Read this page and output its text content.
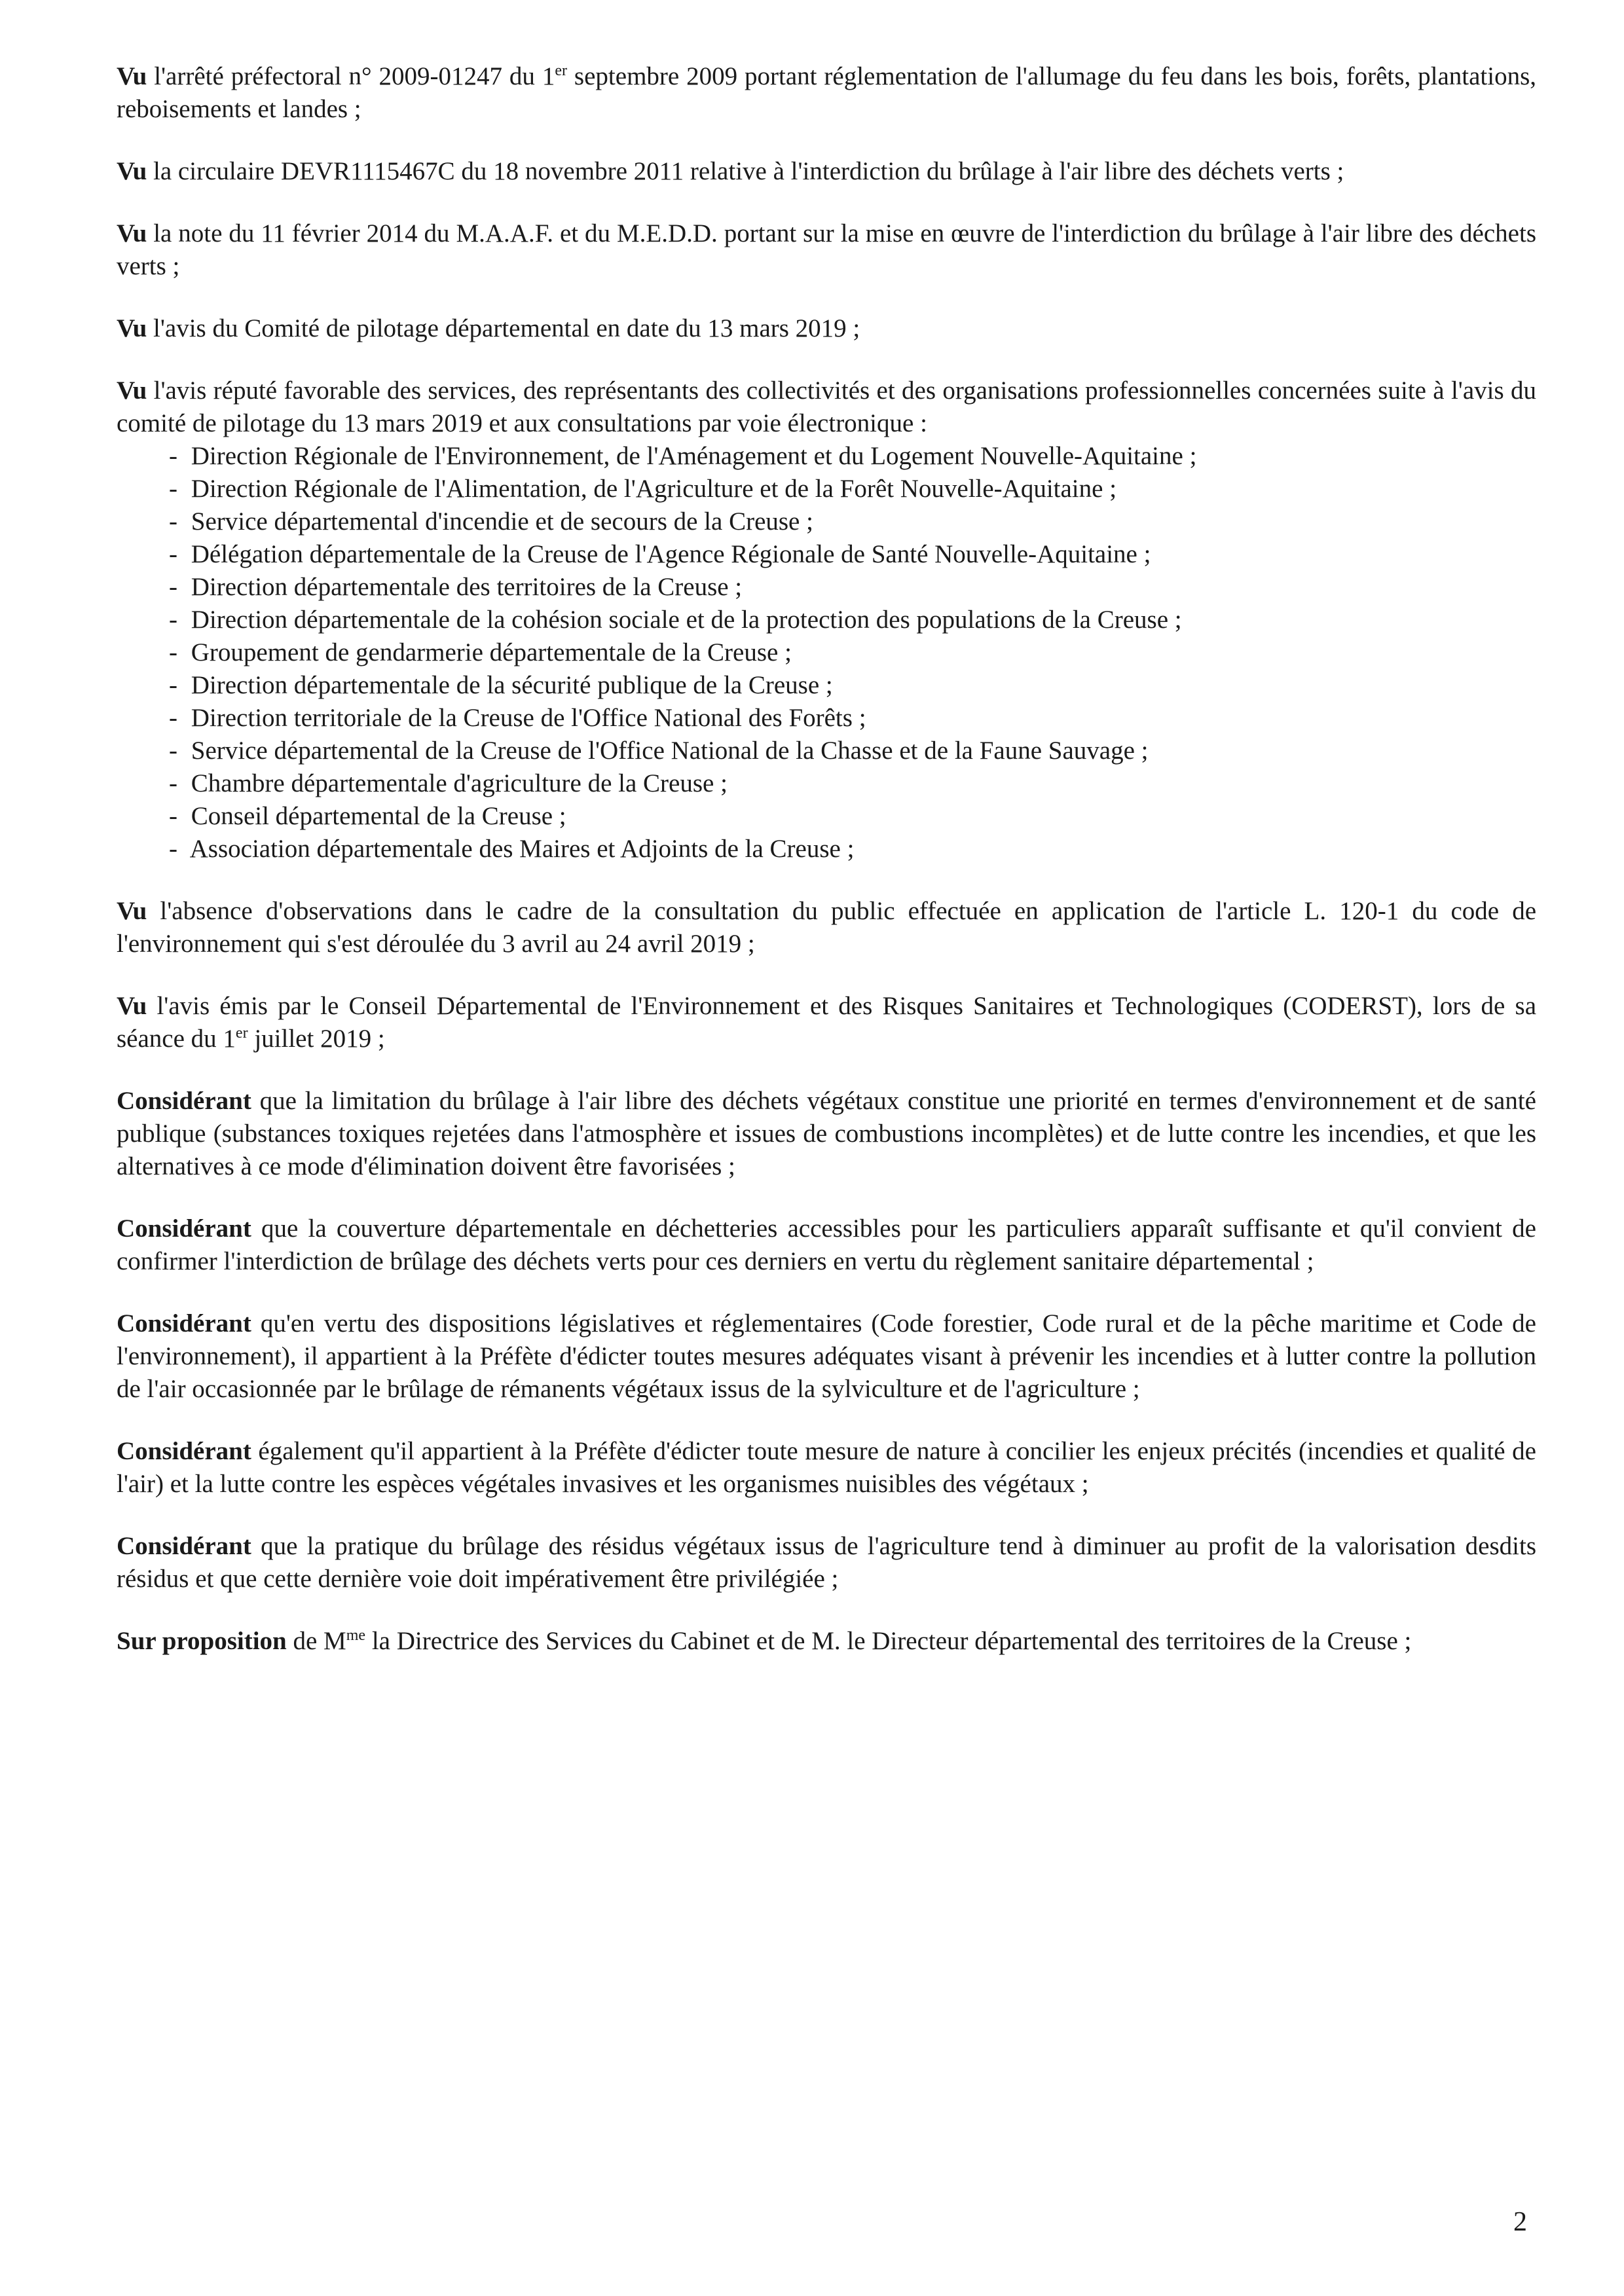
Vu l'arrêté préfectoral n° 2009-01247 du 1er septembre 2009 portant réglementation de l'allumage du feu dans les bois, forêts, plantations, reboisements et landes ;

Vu la circulaire DEVR1115467C du 18 novembre 2011 relative à l'interdiction du brûlage à l'air libre des déchets verts ;

Vu la note du 11 février 2014 du M.A.A.F. et du M.E.D.D. portant sur la mise en œuvre de l'interdiction du brûlage à l'air libre des déchets verts ;

Vu l'avis du Comité de pilotage départemental en date du 13 mars 2019 ;

Vu l'avis réputé favorable des services, des représentants des collectivités et des organisations professionnelles concernées suite à l'avis du comité de pilotage du 13 mars 2019 et aux consultations par voie électronique :
- Direction Régionale de l'Environnement, de l'Aménagement et du Logement Nouvelle-Aquitaine ;
- Direction Régionale de l'Alimentation, de l'Agriculture et de la Forêt Nouvelle-Aquitaine ;
- Service départemental d'incendie et de secours de la Creuse ;
- Délégation départementale de la Creuse de l'Agence Régionale de Santé Nouvelle-Aquitaine ;
- Direction départementale des territoires de la Creuse ;
- Direction départementale de la cohésion sociale et de la protection des populations de la Creuse ;
- Groupement de gendarmerie départementale de la Creuse ;
- Direction départementale de la sécurité publique de la Creuse ;
- Direction territoriale de la Creuse de l'Office National des Forêts ;
- Service départemental de la Creuse de l'Office National de la Chasse et de la Faune Sauvage ;
- Chambre départementale d'agriculture de la Creuse ;
- Conseil départemental de la Creuse ;
- Association départementale des Maires et Adjoints de la Creuse ;

Vu l'absence d'observations dans le cadre de la consultation du public effectuée en application de l'article L. 120-1 du code de l'environnement qui s'est déroulée du 3 avril au 24 avril 2019 ;

Vu l'avis émis par le Conseil Départemental de l'Environnement et des Risques Sanitaires et Technologiques (CODERST), lors de sa séance du 1er juillet 2019 ;

Considérant que la limitation du brûlage à l'air libre des déchets végétaux constitue une priorité en termes d'environnement et de santé publique (substances toxiques rejetées dans l'atmosphère et issues de combustions incomplètes) et de lutte contre les incendies, et que les alternatives à ce mode d'élimination doivent être favorisées ;

Considérant que la couverture départementale en déchetteries accessibles pour les particuliers apparaît suffisante et qu'il convient de confirmer l'interdiction de brûlage des déchets verts pour ces derniers en vertu du règlement sanitaire départemental ;

Considérant qu'en vertu des dispositions législatives et réglementaires (Code forestier, Code rural et de la pêche maritime et Code de l'environnement), il appartient à la Préfète d'édicter toutes mesures adéquates visant à prévenir les incendies et à lutter contre la pollution de l'air occasionnée par le brûlage de rémanents végétaux issus de la sylviculture et de l'agriculture ;

Considérant également qu'il appartient à la Préfète d'édicter toute mesure de nature à concilier les enjeux précités (incendies et qualité de l'air) et la lutte contre les espèces végétales invasives et les organismes nuisibles des végétaux ;

Considérant que la pratique du brûlage des résidus végétaux issus de l'agriculture tend à diminuer au profit de la valorisation desdits résidus et que cette dernière voie doit impérativement être privilégiée ;

Sur proposition de $M^{me}$ la Directrice des Services du Cabinet et de M. le Directeur départemental des territoires de la Creuse ;

2
